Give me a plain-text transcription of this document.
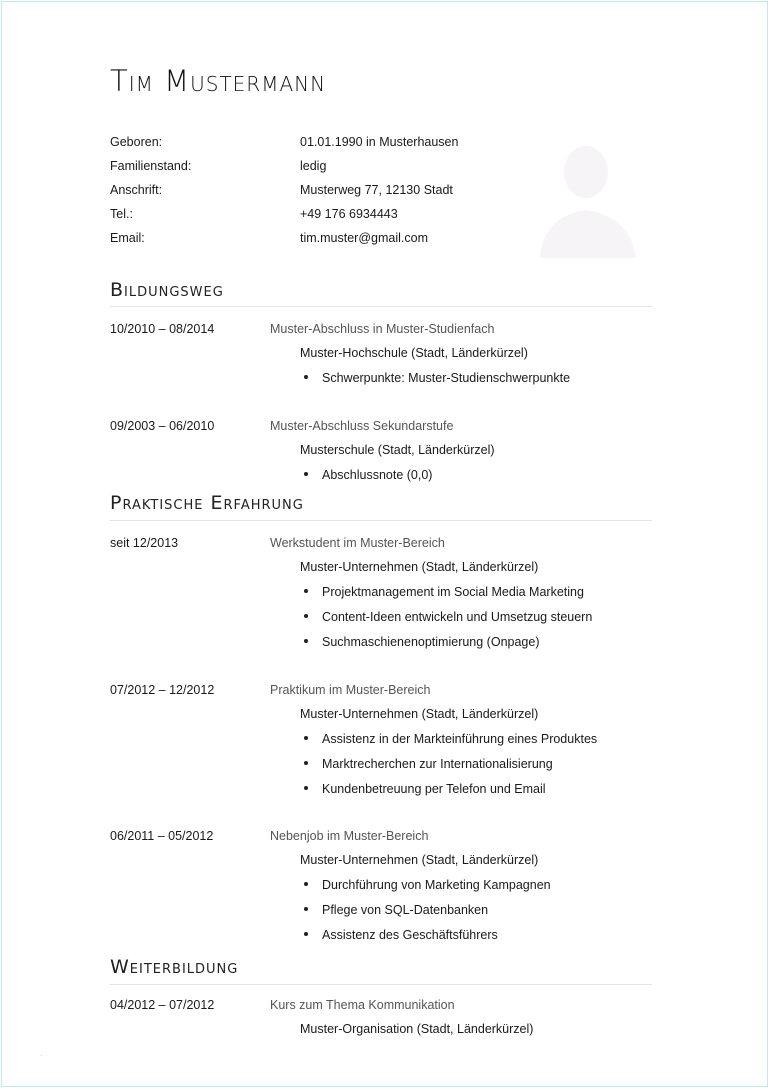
Tim Mustermann
Geboren:	01.01.1990 in Musterhausen
Familienstand:	ledig
Anschrift:	Musterweg 77, 12130 Stadt
Tel.:	+49 176 6934443
Email:	tim.muster@gmail.com
Bildungsweg
10/2010 – 08/2014	Muster-Abschluss in Muster-Studienfach
Muster-Hochschule (Stadt, Länderkürzel)
Schwerpunkte: Muster-Studienschwerpunkte
09/2003 – 06/2010	Muster-Abschluss Sekundarstufe
Musterschule (Stadt, Länderkürzel)
Abschlussnote (0,0)
Praktische Erfahrung
seit 12/2013	Werkstudent im Muster-Bereich
Muster-Unternehmen (Stadt, Länderkürzel)
Projektmanagement im Social Media Marketing
Content-Ideen entwickeln und Umsetzug steuern
Suchmaschienenoptimierung (Onpage)
07/2012 – 12/2012	Praktikum im Muster-Bereich
Muster-Unternehmen (Stadt, Länderkürzel)
Assistenz in der Markteinführung eines Produktes
Marktrecherchen zur Internationalisierung
Kundenbetreuung per Telefon und Email
06/2011 – 05/2012	Nebenjob im Muster-Bereich
Muster-Unternehmen (Stadt, Länderkürzel)
Durchführung von Marketing Kampagnen
Pflege von SQL-Datenbanken
Assistenz des Geschäftsführers
Weiterbildung
04/2012 – 07/2012	Kurs zum Thema Kommunikation
Muster-Organisation (Stadt, Länderkürzel)
·
